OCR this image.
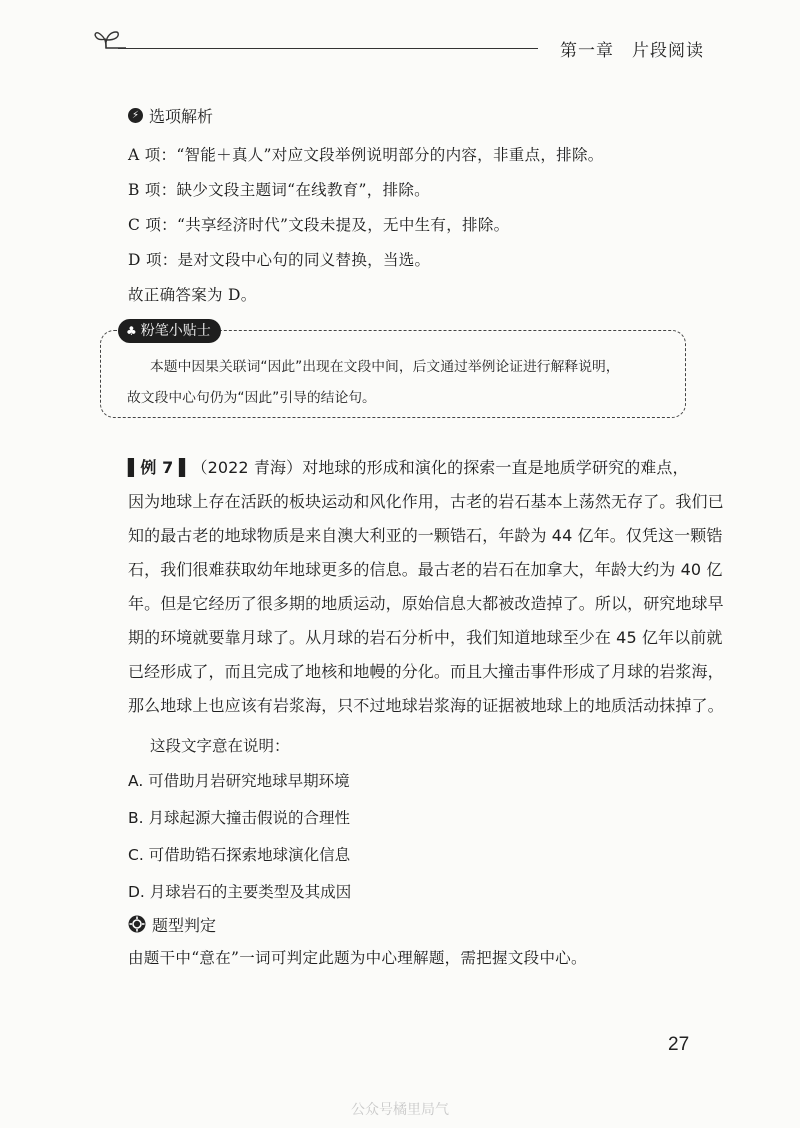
第一章　片段阅读
⚡ 选项解析
A 项：“智能＋真人”对应文段举例说明部分的内容，非重点，排除。
B 项：缺少文段主题词“在线教育”，排除。
C 项：“共享经济时代”文段未提及，无中生有，排除。
D 项：是对文段中心句的同义替换，当选。
故正确答案为 D。
♣ 粉笔小贴士
本题中因果关联词“因此”出现在文段中间，后文通过举例论证进行解释说明，
故文段中心句仍为“因此”引导的结论句。
▌例 7 ▌（2022 青海）对地球的形成和演化的探索一直是地质学研究的难点，
因为地球上存在活跃的板块运动和风化作用，古老的岩石基本上荡然无存了。我们已
知的最古老的地球物质是来自澳大利亚的一颗锆石，年龄为 44 亿年。仅凭这一颗锆
石，我们很难获取幼年地球更多的信息。最古老的岩石在加拿大，年龄大约为 40 亿
年。但是它经历了很多期的地质运动，原始信息大都被改造掉了。所以，研究地球早
期的环境就要靠月球了。从月球的岩石分析中，我们知道地球至少在 45 亿年以前就
已经形成了，而且完成了地核和地幔的分化。而且大撞击事件形成了月球的岩浆海，
那么地球上也应该有岩浆海，只不过地球岩浆海的证据被地球上的地质活动抹掉了。
这段文字意在说明：
A. 可借助月岩研究地球早期环境
B. 月球起源大撞击假说的合理性
C. 可借助锆石探索地球演化信息
D. 月球岩石的主要类型及其成因
题型判定
由题干中“意在”一词可判定此题为中心理解题，需把握文段中心。
27
公众号橘里局气
